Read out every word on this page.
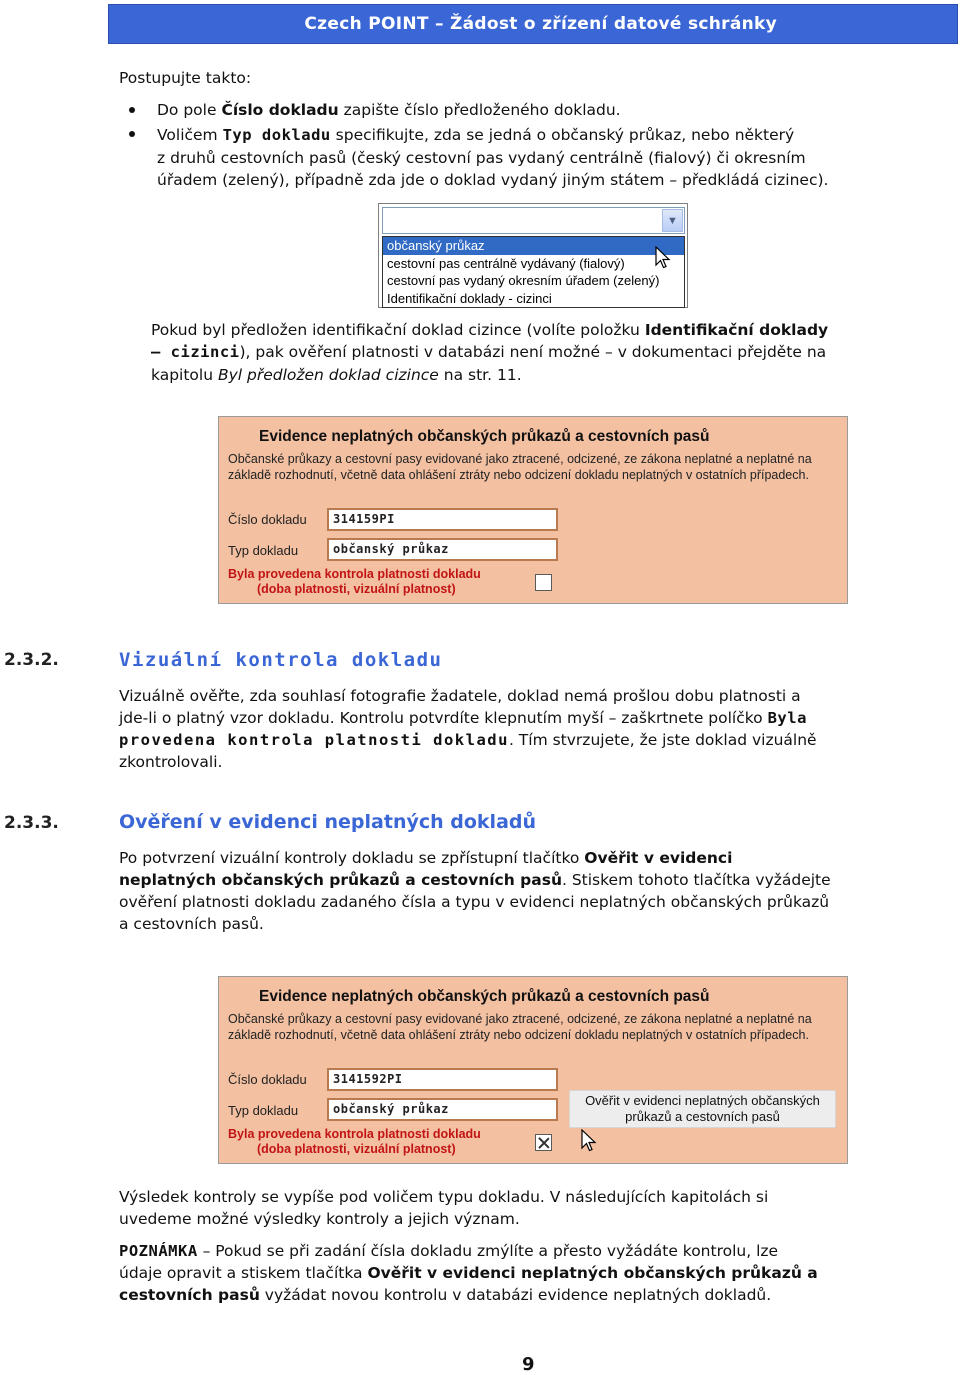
Czech POINT – Žádost o zřízení datové schránky
Postupujte takto:
Do pole Číslo dokladu zapište číslo předloženého dokladu.
Voličem Typ dokladu specifikujte, zda se jedná o občanský průkaz, nebo některý
z druhů cestovních pasů (český cestovní pas vydaný centrálně (fialový) či okresním
úřadem (zelený), případně zda jde o doklad vydaný jiným státem – předkládá cizinec).
▼
občanský průkaz
cestovní pas centrálně vydávaný (fialový)
cestovní pas vydaný okresním úřadem (zelený)
Identifikační doklady - cizinci
Pokud byl předložen identifikační doklad cizince (volíte položku Identifikační doklady
– cizinci), pak ověření platnosti v databázi není možné – v dokumentaci přejděte na
kapitolu Byl předložen doklad cizince na str. 11.
Evidence neplatných občanských průkazů a cestovních pasů
Občanské průkazy a cestovní pasy evidované jako ztracené, odcizené, ze zákona neplatné a neplatné na základě rozhodnutí, včetně data ohlášení ztráty nebo odcizení dokladu neplatných v ostatních případech.
Číslo dokladu	314159PI
Typ dokladu	občanský průkaz
Byla provedena kontrola platnosti dokladu
(doba platnosti, vizuální platnost)
2.3.2.	Vizuální kontrola dokladu
Vizuálně ověřte, zda souhlasí fotografie žadatele, doklad nemá prošlou dobu platnosti a
jde-li o platný vzor dokladu. Kontrolu potvrdíte klepnutím myší – zaškrtnete políčko Byla
provedena kontrola platnosti dokladu. Tím stvrzujete, že jste doklad vizuálně
zkontrolovali.
2.3.3.	Ověření v evidenci neplatných dokladů
Po potvrzení vizuální kontroly dokladu se zpřístupní tlačítko Ověřit v evidenci
neplatných občanských průkazů a cestovních pasů. Stiskem tohoto tlačítka vyžádejte
ověření platnosti dokladu zadaného čísla a typu v evidenci neplatných občanských průkazů
a cestovních pasů.
Evidence neplatných občanských průkazů a cestovních pasů
Občanské průkazy a cestovní pasy evidované jako ztracené, odcizené, ze zákona neplatné a neplatné na základě rozhodnutí, včetně data ohlášení ztráty nebo odcizení dokladu neplatných v ostatních případech.
Číslo dokladu	3141592PI
Typ dokladu	občanský průkaz
Byla provedena kontrola platnosti dokladu
(doba platnosti, vizuální platnost)
Ověřit v evidenci neplatných občanských průkazů a cestovních pasů
Výsledek kontroly se vypíše pod voličem typu dokladu. V následujících kapitolách si
uvedeme možné výsledky kontroly a jejich význam.
POZNÁMKA – Pokud se při zadání čísla dokladu zmýlíte a přesto vyžádáte kontrolu, lze
údaje opravit a stiskem tlačítka Ověřit v evidenci neplatných občanských průkazů a
cestovních pasů vyžádat novou kontrolu v databázi evidence neplatných dokladů.
9
